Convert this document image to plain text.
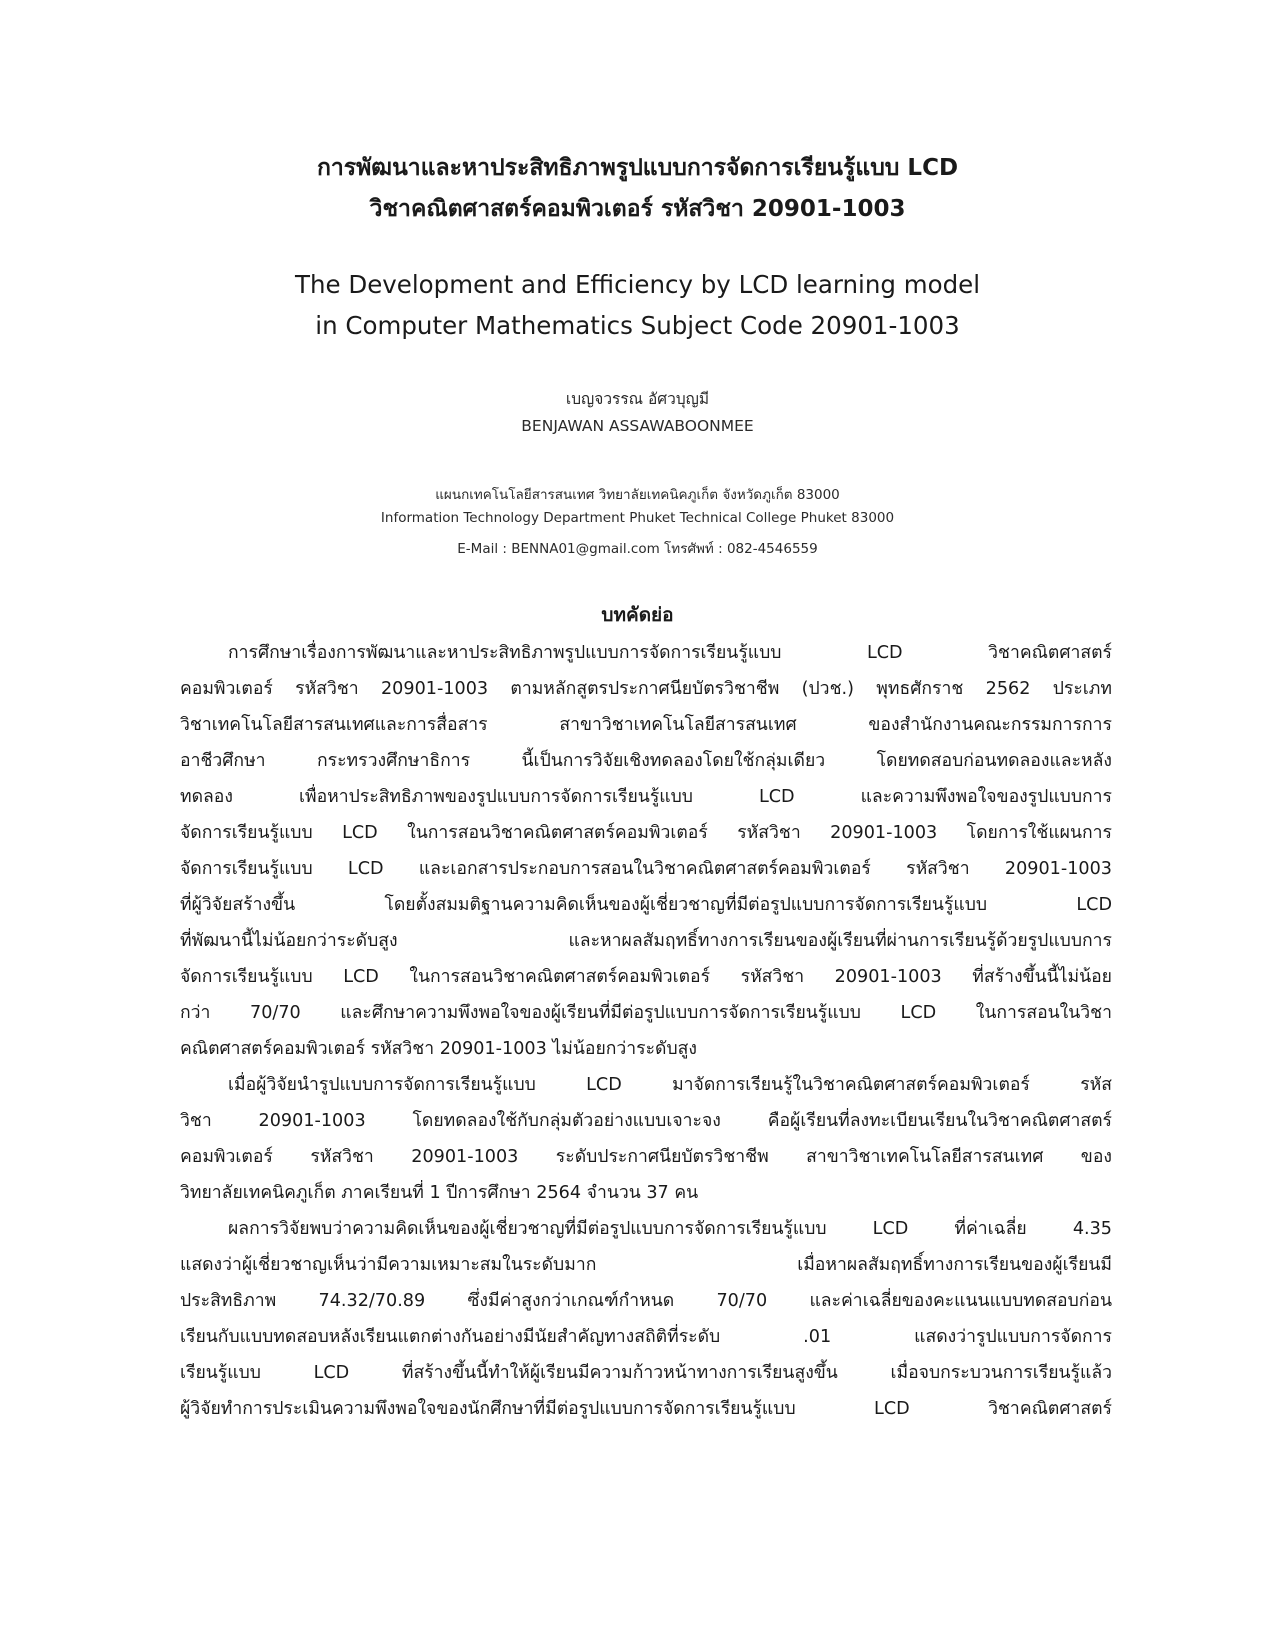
การพัฒนาและหาประสิทธิภาพรูปแบบการจัดการเรียนรู้แบบ LCD
วิชาคณิตศาสตร์คอมพิวเตอร์ รหัสวิชา 20901-1003
The Development and Efficiency by LCD learning model
in Computer Mathematics Subject Code 20901-1003
เบญจวรรณ อัศวบุญมี
BENJAWAN ASSAWABOONMEE
แผนกเทคโนโลยีสารสนเทศ วิทยาลัยเทคนิคภูเก็ต จังหวัดภูเก็ต 83000
Information Technology Department Phuket Technical College Phuket 83000
E-Mail : BENNA01@gmail.com โทรศัพท์ : 082-4546559
บทคัดย่อ
การศึกษาเรื่องการพัฒนาและหาประสิทธิภาพรูปแบบการจัดการเรียนรู้แบบ LCD วิชาคณิตศาสตร์
คอมพิวเตอร์ รหัสวิชา 20901-1003 ตามหลักสูตรประกาศนียบัตรวิชาชีพ (ปวช.) พุทธศักราช 2562 ประเภท
วิชาเทคโนโลยีสารสนเทศและการสื่อสาร สาขาวิชาเทคโนโลยีสารสนเทศ ของสำนักงานคณะกรรมการการ
อาชีวศึกษา กระทรวงศึกษาธิการ นี้เป็นการวิจัยเชิงทดลองโดยใช้กลุ่มเดียว โดยทดสอบก่อนทดลองและหลัง
ทดลอง เพื่อหาประสิทธิภาพของรูปแบบการจัดการเรียนรู้แบบ LCD และความพึงพอใจของรูปแบบการ
จัดการเรียนรู้แบบ LCD ในการสอนวิชาคณิตศาสตร์คอมพิวเตอร์ รหัสวิชา 20901-1003 โดยการใช้แผนการ
จัดการเรียนรู้แบบ LCD และเอกสารประกอบการสอนในวิชาคณิตศาสตร์คอมพิวเตอร์ รหัสวิชา 20901-1003
ที่ผู้วิจัยสร้างขึ้น โดยตั้งสมมติฐานความคิดเห็นของผู้เชี่ยวชาญที่มีต่อรูปแบบการจัดการเรียนรู้แบบ LCD
ที่พัฒนานี้ไม่น้อยกว่าระดับสูง และหาผลสัมฤทธิ์ทางการเรียนของผู้เรียนที่ผ่านการเรียนรู้ด้วยรูปแบบการ
จัดการเรียนรู้แบบ LCD ในการสอนวิชาคณิตศาสตร์คอมพิวเตอร์ รหัสวิชา 20901-1003 ที่สร้างขึ้นนี้ไม่น้อย
กว่า 70/70 และศึกษาความพึงพอใจของผู้เรียนที่มีต่อรูปแบบการจัดการเรียนรู้แบบ LCD ในการสอนในวิชา
คณิตศาสตร์คอมพิวเตอร์ รหัสวิชา 20901-1003 ไม่น้อยกว่าระดับสูง
เมื่อผู้วิจัยนำรูปแบบการจัดการเรียนรู้แบบ LCD มาจัดการเรียนรู้ในวิชาคณิตศาสตร์คอมพิวเตอร์ รหัส
วิชา 20901-1003 โดยทดลองใช้กับกลุ่มตัวอย่างแบบเจาะจง คือผู้เรียนที่ลงทะเบียนเรียนในวิชาคณิตศาสตร์
คอมพิวเตอร์ รหัสวิชา 20901-1003 ระดับประกาศนียบัตรวิชาชีพ สาขาวิชาเทคโนโลยีสารสนเทศ ของ
วิทยาลัยเทคนิคภูเก็ต ภาคเรียนที่ 1 ปีการศึกษา 2564 จำนวน 37 คน
ผลการวิจัยพบว่าความคิดเห็นของผู้เชี่ยวชาญที่มีต่อรูปแบบการจัดการเรียนรู้แบบ LCD ที่ค่าเฉลี่ย 4.35
แสดงว่าผู้เชี่ยวชาญเห็นว่ามีความเหมาะสมในระดับมาก เมื่อหาผลสัมฤทธิ์ทางการเรียนของผู้เรียนมี
ประสิทธิภาพ 74.32/70.89 ซึ่งมีค่าสูงกว่าเกณฑ์กำหนด 70/70 และค่าเฉลี่ยของคะแนนแบบทดสอบก่อน
เรียนกับแบบทดสอบหลังเรียนแตกต่างกันอย่างมีนัยสำคัญทางสถิติที่ระดับ .01 แสดงว่ารูปแบบการจัดการ
เรียนรู้แบบ LCD ที่สร้างขึ้นนี้ทำให้ผู้เรียนมีความก้าวหน้าทางการเรียนสูงขึ้น เมื่อจบกระบวนการเรียนรู้แล้ว
ผู้วิจัยทำการประเมินความพึงพอใจของนักศึกษาที่มีต่อรูปแบบการจัดการเรียนรู้แบบ LCD วิชาคณิตศาสตร์
